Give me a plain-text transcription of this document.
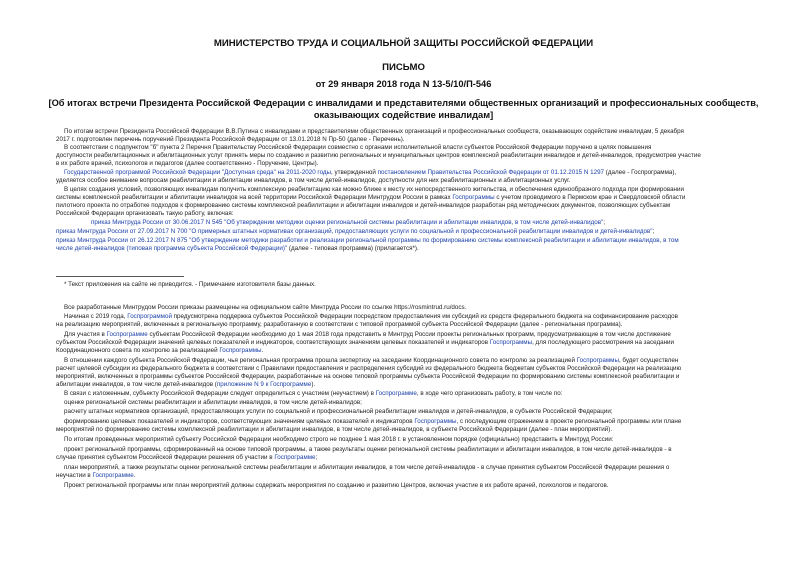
МИНИСТЕРСТВО ТРУДА И СОЦИАЛЬНОЙ ЗАЩИТЫ РОССИЙСКОЙ ФЕДЕРАЦИИ
ПИСЬМО
от 29 января 2018 года N 13-5/10/П-546
[Об итогах встречи Президента Российской Федерации с инвалидами и представителями общественных организаций и профессиональных сообществ,
оказывающих содействие инвалидам]
По итогам встречи Президента Российской Федерации В.В.Путина с инвалидами и представителями общественных организаций и профессиональных сообществ, оказывающих содействие инвалидам, 5 декабря
2017 г. подготовлен перечень поручений Президента Российской Федерации от 13.01.2018 N Пр-50 (далее - Перечень).
В соответствии с подпунктом "б" пункта 2 Перечня Правительству Российской Федерации совместно с органами исполнительной власти субъектов Российской Федерации поручено в целях повышения
доступности реабилитационных и абилитационных услуг принять меры по созданию и развитию региональных и муниципальных центров комплексной реабилитации инвалидов и детей-инвалидов, предусмотрев участие
в их работе врачей, психологов и педагогов (далее соответственно - Поручение, Центры).
Государственной программой Российской Федерации "Доступная среда" на 2011-2020 годы, утвержденной постановлением Правительства Российской Федерации от 01.12.2015 N 1297 (далее - Госпрограмма),
уделяется особое внимание вопросам реабилитации и абилитации инвалидов, в том числе детей-инвалидов, доступности для них реабилитационных и абилитационных услуг.
В целях создания условий, позволяющих инвалидам получить комплексную реабилитацию как можно ближе к месту их непосредственного жительства, и обеспечения единообразного подхода при формировании
системы комплексной реабилитации и абилитации инвалидов на всей территории Российской Федерации Минтрудом России в рамках Госпрограммы с учетом проводимого в Пермском крае и Свердловской области
пилотного проекта по отработке подходов к формированию системы комплексной реабилитации и абилитации инвалидов и детей-инвалидов разработан ряд методических документов, позволяющих субъектам
Российской Федерации организовать такую работу, включая:
приказ Минтруда России от 30.06.2017 N 545 "Об утверждении методики оценки региональной системы реабилитации и абилитации инвалидов, в том числе детей-инвалидов";
приказ Минтруда России от 27.09.2017 N 700 "О примерных штатных нормативах организаций, предоставляющих услуги по социальной и профессиональной реабилитации инвалидов и детей-инвалидов";
приказ Минтруда России от 26.12.2017 N 875 "Об утверждении методики разработки и реализации региональной программы по формированию системы комплексной реабилитации и абилитации инвалидов, в том
числе детей-инвалидов (типовая программа субъекта Российской Федерации)" (далее - типовая программа) (прилагается*).
* Текст приложения на сайте не приводится. - Примечание изготовителя базы данных.
Все разработанные Минтрудом России приказы размещены на официальном сайте Минтруда России по ссылке https://rosmintrud.ru/docs.
Начиная с 2019 года, Госпрограммой предусмотрена поддержка субъектов Российской Федерации посредством предоставления им субсидий из средств федерального бюджета на софинансирование расходов
на реализацию мероприятий, включенных в региональную программу, разработанную в соответствии с типовой программой субъекта Российской Федерации (далее - региональная программа).
Для участия в Госпрограмме субъектам Российской Федерации необходимо до 1 мая 2018 года представить в Минтруд России проекты региональных программ, предусматривающие в том числе достижение
субъектом Российской Федерации значений целевых показателей и индикаторов, соответствующих значениям целевых показателей и индикаторов Госпрограммы, для последующего рассмотрения на заседании
Координационного совета по контролю за реализацией Госпрограммы.
В отношении каждого субъекта Российской Федерации, чья региональная программа прошла экспертизу на заседании Координационного совета по контролю за реализацией Госпрограммы, будет осуществлен
расчет целевой субсидии из федерального бюджета в соответствии с Правилами предоставления и распределения субсидий из федерального бюджета бюджетам субъектов Российской Федерации на реализацию
мероприятий, включенных в программы субъектов Российской Федерации, разработанные на основе типовой программы субъекта Российской Федерации по формированию системы комплексной реабилитации и
абилитации инвалидов, в том числе детей-инвалидов (приложение N 9 к Госпрограмме).
В связи с изложенным, субъекту Российской Федерации следует определиться с участием (неучастием) в Госпрограмме, в ходе чего организовать работу, в том числе по:
оценке региональной системы реабилитации и абилитации инвалидов, в том числе детей-инвалидов;
расчету штатных нормативов организаций, предоставляющих услуги по социальной и профессиональной реабилитации инвалидов и детей-инвалидов, в субъекте Российской Федерации;
формированию целевых показателей и индикаторов, соответствующих значениям целевых показателей и индикаторов Госпрограммы, с последующим отражением в проекте региональной программы или плане
мероприятий по формированию системы комплексной реабилитации и абилитации инвалидов, в том числе детей-инвалидов, в субъекте Российской Федерации (далее - план мероприятий).
По итогам проведенных мероприятий субъекту Российской Федерации необходимо строго не позднее 1 мая 2018 г. в установленном порядке (официально) представить в Минтруд России:
проект региональной программы, сформированный на основе типовой программы, а также результаты оценки региональной системы реабилитации и абилитации инвалидов, в том числе детей-инвалидов - в
случае принятия субъектом Российской Федерации решения об участии в Госпрограмме;
план мероприятий, а также результаты оценки региональной системы реабилитации и абилитации инвалидов, в том числе детей-инвалидов - в случае принятия субъектом Российской Федерации решения о
неучастии в Госпрограмме.
Проект региональной программы или план мероприятий должны содержать мероприятия по созданию и развитию Центров, включая участие в их работе врачей, психологов и педагогов.
